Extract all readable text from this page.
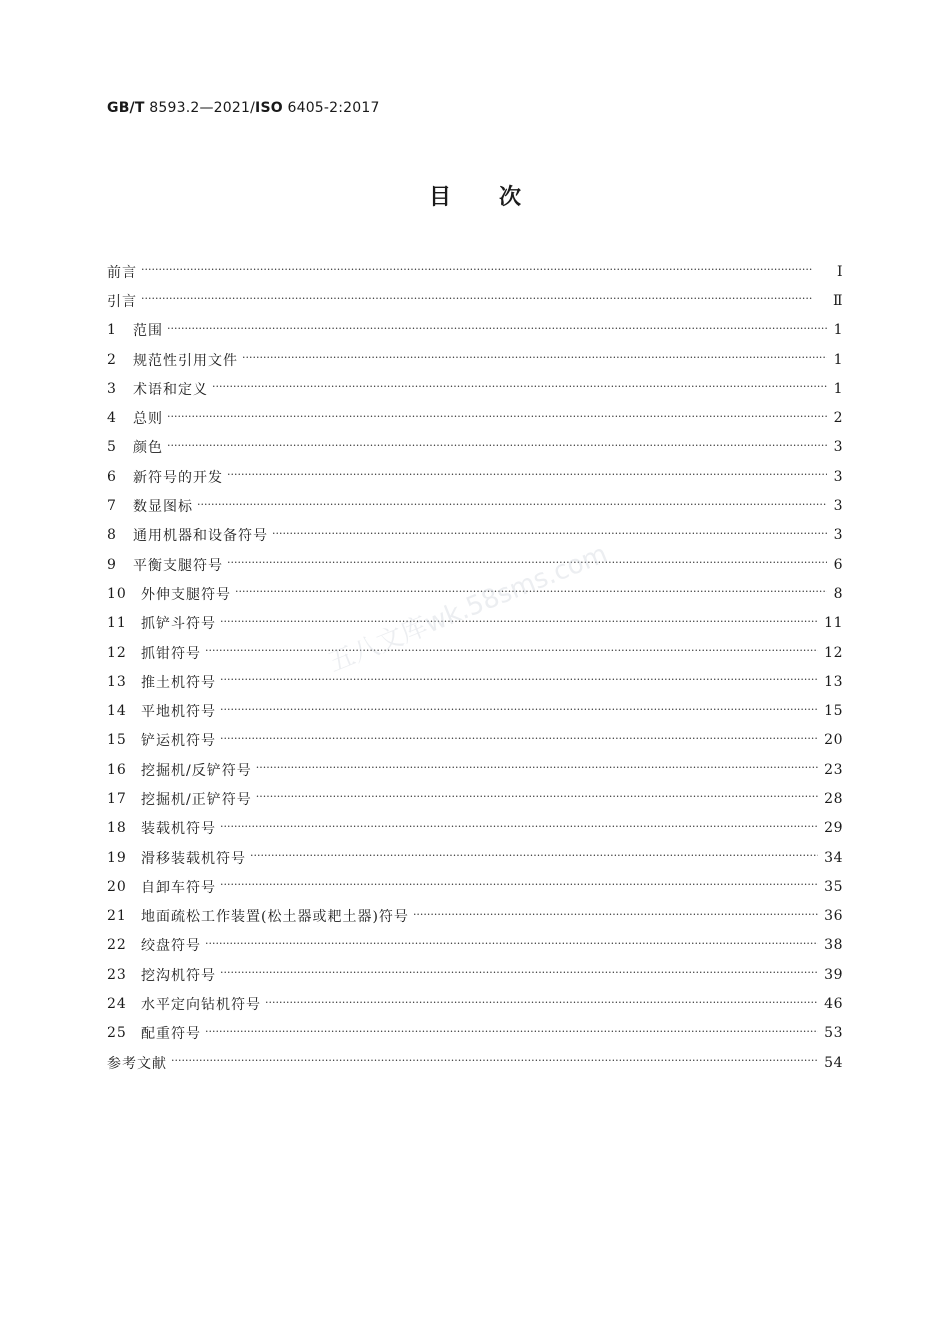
GB/T 8593.2—2021/ISO 6405-2:2017
目次
前言 ·····	Ⅰ
引言 ·····	Ⅱ
1	范围 ·····	1
2	规范性引用文件 ·····	1
3	术语和定义 ·····	1
4	总则 ·····	2
5	颜色 ·····	3
6	新符号的开发 ·····	3
7	数显图标 ·····	3
8	通用机器和设备符号 ·····	3
9	平衡支腿符号 ·····	6
10	外伸支腿符号 ·····	8
11	抓铲斗符号 ·····	11
12	抓钳符号 ·····	12
13	推土机符号 ·····	13
14	平地机符号 ·····	15
15	铲运机符号 ·····	20
16	挖掘机/反铲符号 ·····	23
17	挖掘机/正铲符号 ·····	28
18	装载机符号 ·····	29
19	滑移装载机符号 ·····	34
20	自卸车符号 ·····	35
21	地面疏松工作装置(松土器或耙土器)符号 ·····	36
22	绞盘符号 ·····	38
23	挖沟机符号 ·····	39
24	水平定向钻机符号 ·····	46
25	配重符号 ·····	53
参考文献 ·····	54
五八文库wk.58sms.com
